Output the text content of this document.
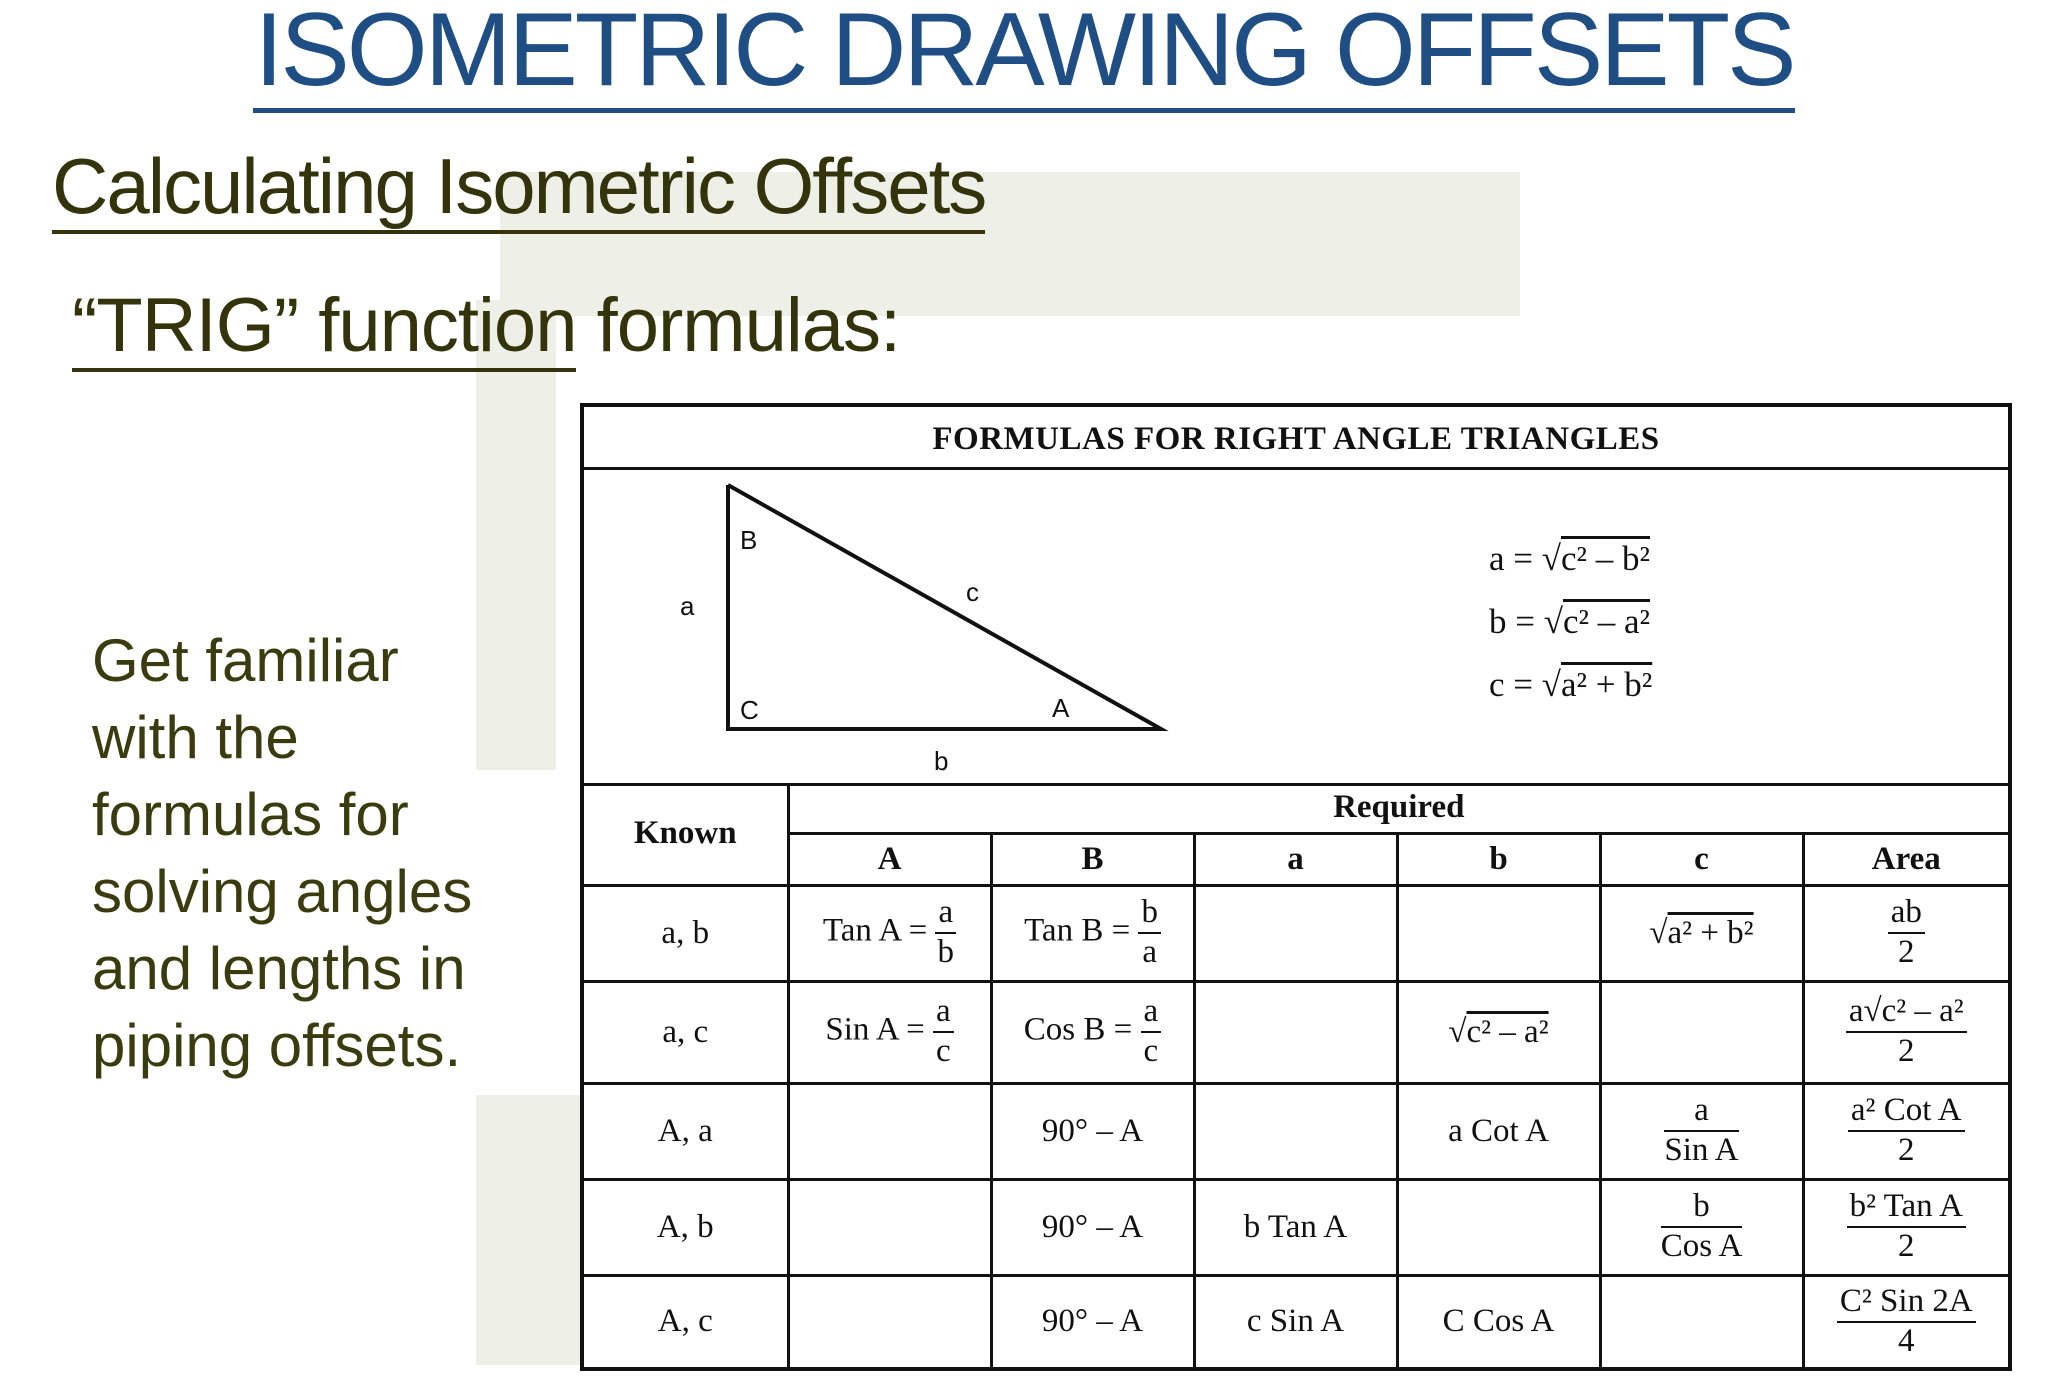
ISOMETRIC DRAWING OFFSETS
Calculating Isometric Offsets
“TRIG” function formulas:

Get familiar with the formulas for solving angles and lengths in piping offsets.

FORMULAS FOR RIGHT ANGLE TRIANGLES
B
C	A
a
b
c
a = √c² – b²
b = √c² – a²
c = √a² + b²
Known	Required					
	A	B	a	b	c	Area
a, b	Tan $A = \frac{a}{b}$	Tan $B = \frac{b}{a}$			√a² + b²	$\frac{ab}{2}$

a, c	Sin $A = \frac{a}{c}$	Cos $B = \frac{a}{c}$		√c² – a²		$\frac{\text{a√c² – a²}}{2}$

A, a		90° – A		a Cot A	$\frac{a}{\text{Sin A}}$	$\frac{\text{a² Cot A}}{2}$

A, b		90° – A	b Tan A		$\frac{b}{\text{Cos A}}$	$\frac{\text{b² Tan A}}{2}$

A, c		90° – A	c Sin A	C Cos A		$\frac{\text{C² Sin 2A}}{4}$
